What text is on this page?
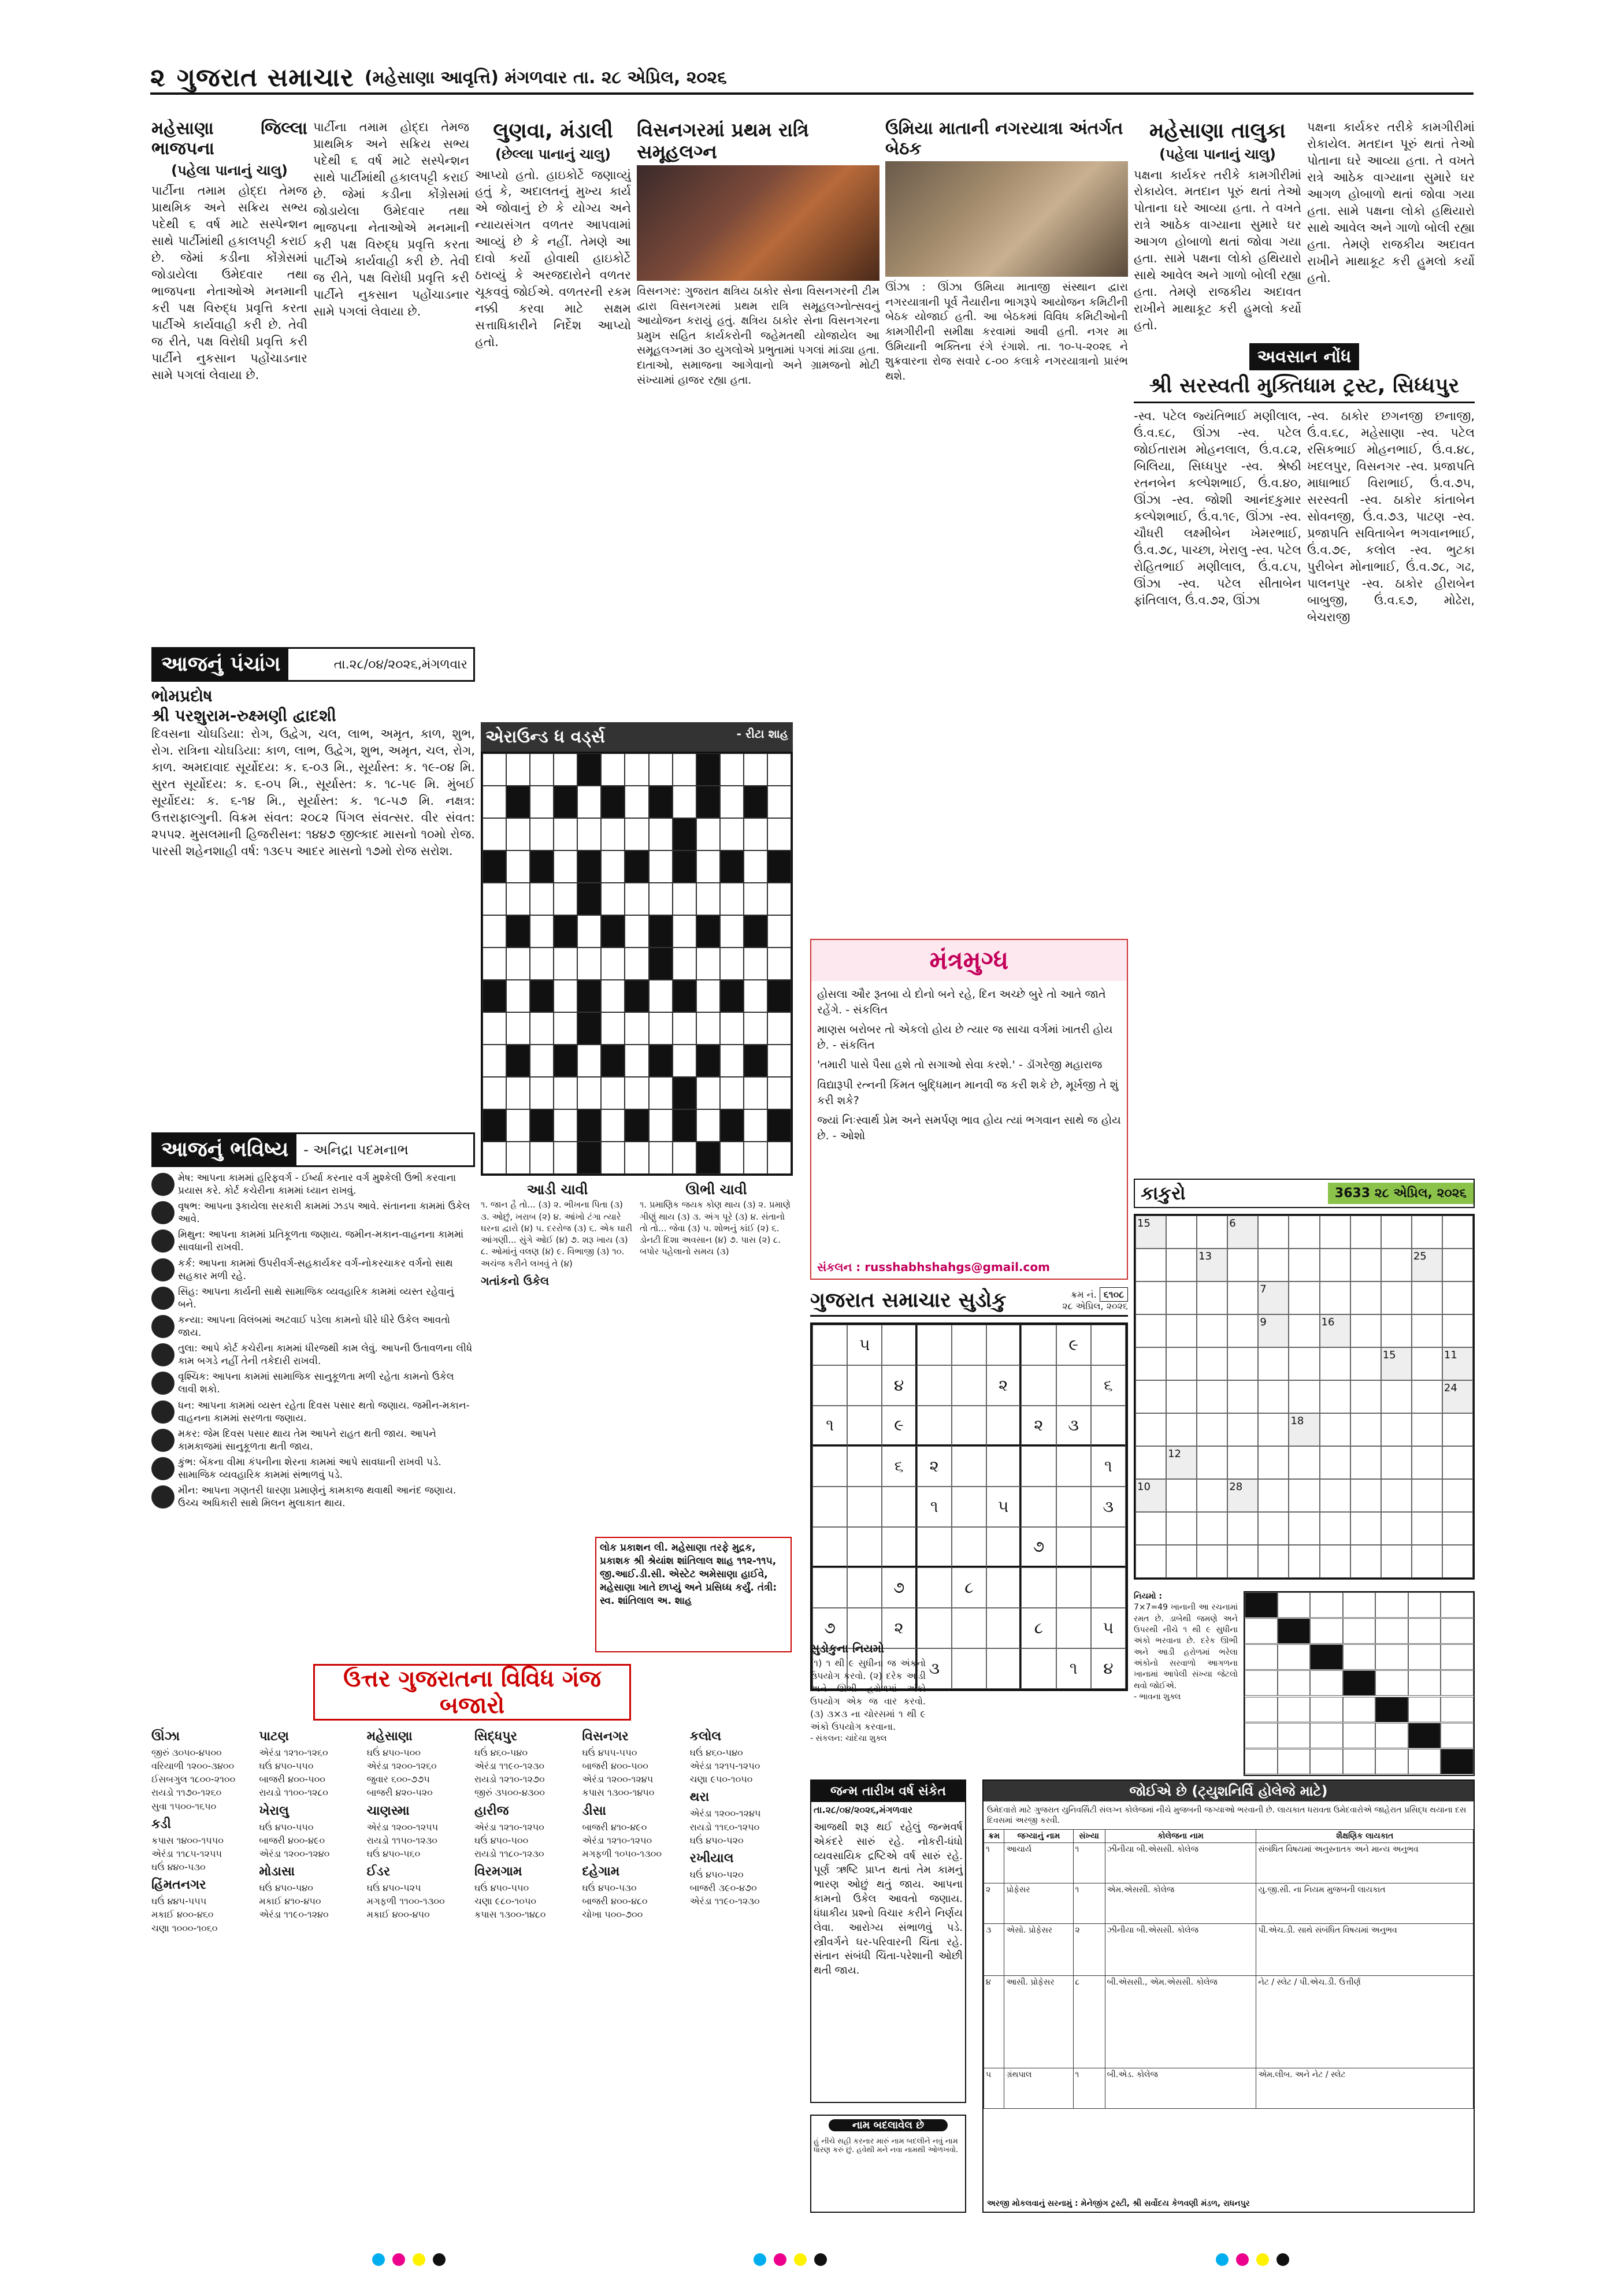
૨ ગુજરાત સમાચાર (મહેસાણા આવૃત્તિ) મંગળવાર તા. ૨૮ એપ્રિલ, ૨૦૨૬
મહેસાણા જિલ્લા ભાજપના
(પહેલા પાનાનું ચાલુ)
પાર્ટીના તમામ હોદ્દા તેમજ પ્રાથમિક અને સક્રિય સભ્ય પદેથી ૬ વર્ષ માટે સસ્પેન્શન સાથે પાર્ટીમાંથી હકાલપટ્ટી કરાઈ છે. જેમાં કડીના કોંગ્રેસમાં જોડાયેલા ઉમેદવાર તથા ભાજપના નેતાઓએ મનમાની કરી પક્ષ વિરુદ્ધ પ્રવૃત્તિ કરતા પાર્ટીએ કાર્યવાહી કરી છે. તેવી જ રીતે, પક્ષ વિરોધી પ્રવૃત્તિ કરી પાર્ટીને નુકસાન પહોંચાડનાર સામે પગલાં લેવાયા છે.
પાર્ટીના તમામ હોદ્દા તેમજ પ્રાથમિક અને સક્રિય સભ્ય પદેથી ૬ વર્ષ માટે સસ્પેન્શન સાથે પાર્ટીમાંથી હકાલપટ્ટી કરાઈ છે. જેમાં કડીના કોંગ્રેસમાં જોડાયેલા ઉમેદવાર તથા ભાજપના નેતાઓએ મનમાની કરી પક્ષ વિરુદ્ધ પ્રવૃત્તિ કરતા પાર્ટીએ કાર્યવાહી કરી છે. તેવી જ રીતે, પક્ષ વિરોધી પ્રવૃત્તિ કરી પાર્ટીને નુકસાન પહોંચાડનાર સામે પગલાં લેવાયા છે.
લુણવા, મંડાલી
(છેલ્લા પાનાનું ચાલુ)
આપ્યો હતો. હાઇકોર્ટે જણાવ્યું હતું કે, અદાલતનું મુખ્ય કાર્ય એ જોવાનું છે કે યોગ્ય અને ન્યાયસંગત વળતર આપવામાં આવ્યું છે કે નહીં. તેમણે આ દાવો કર્યો હોવાથી હાઇકોર્ટે ઠરાવ્યું કે અરજદારોને વળતર ચૂકવવું જોઈએ. વળતરની રકમ નક્કી કરવા માટે સક્ષમ સત્તાધિકારીને નિર્દેશ આપ્યો હતો.
વિસનગરમાં પ્રથમ રાત્રિ સમૂહલગ્ન
વિસનગર: ગુજરાત ક્ષત્રિય ઠાકોર સેના વિસનગરની ટીમ દ્વારા વિસનગરમાં પ્રથમ રાત્રિ સમૂહલગ્નોત્સવનું આયોજન કરાયું હતું. ક્ષત્રિય ઠાકોર સેના વિસનગરના પ્રમુખ સહિત કાર્યકરોની જહેમતથી યોજાયેલ આ સમૂહલગ્નમાં ૩૦ યુગલોએ પ્રભુતામાં પગલાં માંડ્યા હતા. દાતાઓ, સમાજના આગેવાનો અને ગ્રામજનો મોટી સંખ્યામાં હાજર રહ્યા હતા.
ઉમિયા માતાની નગરયાત્રા અંતર્ગત બેઠક
ઊંઝા : ઊંઝા ઉમિયા માતાજી સંસ્થાન દ્વારા નગરયાત્રાની પૂર્વ તૈયારીના ભાગરૂપે આયોજન કમિટીની બેઠક યોજાઈ હતી. આ બેઠકમાં વિવિધ કમિટીઓની કામગીરીની સમીક્ષા કરવામાં આવી હતી. નગર મા ઉમિયાની ભક્તિના રંગે રંગાશે. તા. ૧૦-૫-૨૦૨૬ ને શુક્રવારના રોજ સવારે ૮-૦૦ કલાકે નગરયાત્રાનો પ્રારંભ થશે.
મહેસાણા તાલુકા
(પહેલા પાનાનું ચાલુ)
પક્ષના કાર્યકર તરીકે કામગીરીમાં રોકાયેલ. મતદાન પૂરું થતાં તેઓ પોતાના ઘરે આવ્યા હતા. તે વખતે રાત્રે આઠેક વાગ્યાના સુમારે ઘર આગળ હોબાળો થતાં જોવા ગયા હતા. સામે પક્ષના લોકો હથિયારો સાથે આવેલ અને ગાળો બોલી રહ્યા હતા. તેમણે રાજકીય અદાવત રાખીને માથાકૂટ કરી હુમલો કર્યો હતો.
પક્ષના કાર્યકર તરીકે કામગીરીમાં રોકાયેલ. મતદાન પૂરું થતાં તેઓ પોતાના ઘરે આવ્યા હતા. તે વખતે રાત્રે આઠેક વાગ્યાના સુમારે ઘર આગળ હોબાળો થતાં જોવા ગયા હતા. સામે પક્ષના લોકો હથિયારો સાથે આવેલ અને ગાળો બોલી રહ્યા હતા. તેમણે રાજકીય અદાવત રાખીને માથાકૂટ કરી હુમલો કર્યો હતો.
અવસાન નોંધ
શ્રી સરસ્વતી મુક્તિધામ ટ્રસ્ટ, સિધ્ધપુર
-સ્વ. પટેલ જ્યંતિભાઈ મણીલાલ, ઉં.વ.૬૮, ઊંઝા -સ્વ. પટેલ જોઈતારામ મોહનલાલ, ઉં.વ.૮૨, બિલિયા, સિધ્ધપુર -સ્વ. શ્રેષ્ઠી રતનબેન કલ્પેશભાઈ, ઉં.વ.૪૦, ઊંઝા -સ્વ. જોશી આનંદકુમાર કલ્પેશભાઈ, ઉં.વ.૧૯, ઊંઝા -સ્વ. ચૌધરી લક્ષ્મીબેન ખેમરભાઈ, ઉં.વ.૭૮, પાચ્છા, ખેરાલુ -સ્વ. પટેલ રોહિતભાઈ મણીલાલ, ઉં.વ.૮૫, ઊંઝા -સ્વ. પટેલ સીતાબેન ફાંતિલાલ, ઉં.વ.૭૨, ઊંઝા
-સ્વ. ઠાકોર છગનજી છનાજી, ઉં.વ.૬૮, મહેસાણા -સ્વ. પટેલ રસિકભાઈ મોહનભાઈ, ઉં.વ.૪૮, ખદલપુર, વિસનગર -સ્વ. પ્રજાપતિ માધાભાઈ વિરાભાઈ, ઉં.વ.૭૫, સરસ્વતી -સ્વ. ઠાકોર કાંતાબેન સોવનજી, ઉં.વ.૭૩, પાટણ -સ્વ. પ્રજાપતિ સવિતાબેન ભગવાનભાઈ, ઉં.વ.૭૯, કલોલ -સ્વ. ભુટકા પુરીબેન મોનાભાઈ, ઉં.વ.૭૮, ગઢ, પાલનપુર -સ્વ. ઠાકોર હીરાબેન બાબુજી, ઉં.વ.૬૭, મોઢેરા, બેચરાજી
આજનું પંચાંગ	તા.૨૮/૦૪/૨૦૨૬,મંગળવાર
ભોમપ્રદોષ
શ્રી પરશુરામ-રુક્ષ્મણી દ્વાદશી
દિવસના ચોઘડિયા: રોગ, ઉદ્વેગ, ચલ, લાભ, અમૃત, કાળ, શુભ, રોગ. રાત્રિના ચોઘડિયા: કાળ, લાભ, ઉદ્વેગ, શુભ, અમૃત, ચલ, રોગ, કાળ. અમદાવાદ સૂર્યોદય: ક. ૬-૦૩ મિ., સૂર્યાસ્ત: ક. ૧૯-૦૪ મિ. સુરત સૂર્યોદય: ક. ૬-૦૫ મિ., સૂર્યાસ્ત: ક. ૧૮-૫૯ મિ. મુંબઈ સૂર્યોદય: ક. ૬-૧૪ મિ., સૂર્યાસ્ત: ક. ૧૮-૫૭ મિ. નક્ષત્ર: ઉત્તરાફાલ્ગુની. વિક્રમ સંવત: ૨૦૮૨ પિંગલ સંવત્સર. વીર સંવત: ૨૫૫૨. મુસલમાની હિજરીસન: ૧૪૪૭ જીલ્કાદ માસનો ૧૦મો રોજ. પારસી શહેનશાહી વર્ષ: ૧૩૯૫ આદર માસનો ૧૭મો રોજ સરોશ.
આજનું ભવિષ્ય	- અનિદ્રા પદમનાભ
મેષ: આપના કામમાં હરિફવર્ગ - ઈર્ષ્યા કરનાર વર્ગ મુશ્કેલી ઉભી કરવાના પ્રયાસ કરે. કોર્ટ કચેરીના કામમાં ધ્યાન રાખવું.
વૃષભ: આપના રૂકાયેલા સરકારી કામમાં ઝડપ આવે. સંતાનના કામમાં ઉકેલ આવે.
મિથુન: આપના કામમાં પ્રતિકૂળતા જણાય. જમીન-મકાન-વાહનના કામમાં સાવધાની રાખવી.
કર્ક: આપના કામમાં ઉપરીવર્ગ-સહકાર્યકર વર્ગ-નોકરચાકર વર્ગનો સાથ સહકાર મળી રહે.
સિંહ: આપના કાર્યની સાથે સામાજિક વ્યવહારિક કામમાં વ્યસ્ત રહેવાનું બને.
કન્યા: આપના વિલંબમાં અટવાઈ પડેલા કામનો ધીરે ધીરે ઉકેલ આવતો જાય.
તુલા: આપે કોર્ટ કચેરીના કામમાં ધીરજથી કામ લેવું. આપની ઉતાવળના લીધે કામ બગડે નહીં તેની તકેદારી રાખવી.
વૃશ્ચિક: આપના કામમાં સામાજિક સાનુકૂળતા મળી રહેતા કામનો ઉકેલ લાવી શકો.
ધન: આપના કામમાં વ્યસ્ત રહેતા દિવસ પસાર થતો જણાય. જમીન-મકાન-વાહનના કામમાં સરળતા જણાય.
મકર: જેમ દિવસ પસાર થાય તેમ આપને રાહત થતી જાય. આપને કામકાજમાં સાનુકૂળતા થતી જાય.
કુંભ: બેંકના વીમા કંપનીના શેરના કામમાં આપે સાવધાની રાખવી પડે. સામાજિક વ્યવહારિક કામમાં સંભાળવું પડે.
મીન: આપના ગણતરી ધારણા પ્રમાણેનું કામકાજ થવાથી આનંદ જણાય. ઉચ્ચ અધિકારી સાથે મિલન મુલાકાત થાય.
મંત્રમુગ્ધ
હોસલા ઔર રૂતબા યે દોનો બને રહે, દિન અચ્છે બુરે તો આતે જાતે રહેંગે. - સંકલિત
માણસ બરોબર તો એકલો હોય છે ત્યાર જ સાચા વર્ગમાં ખાતરી હોય છે. - સંકલિત
'તમારી પાસે પૈસા હશે તો સગાઓ સેવા કરશે.' - ડૉંગરેજી મહારાજ
વિદ્યારૂપી રત્નની કિંમત બુદ્ધિમાન માનવી જ કરી શકે છે, મૂર્ખજી તે શું કરી શકે?
જ્યાં નિઃસ્વાર્થ પ્રેમ અને સમર્પણ ભાવ હોય ત્યાં ભગવાન સાથે જ હોય છે. - ઓશો
સંકલન : russhabhshahgs@gmail.com
એરાઉન્ડ ધ વર્ડ્સ	- રીટા શાહ
આડી ચાવી
૧. જાન હૈ તો... (૩) ૨. ભીખના પિતા (૩) ૩. ઓછું, ખરાબ (૨) ૪. આંખો ટંગા ત્યારે ઘરના દ્વારો (૪) ૫. દરરોજ (૩) ૬. એક ઘારી આંગણી... સુંગે ઓઈ (૪) ૭. શરૂ ખાય (૩) ૮. ઓમાંનું વલણ (૪) ૯. વિભાજી (૩) ૧૦. અચંજ કરીને લખવું તે (૪)
ઊભી ચાવી
૧. પ્રમાણિક જયક કોણ થાય (૩) ૨. પ્રમાણે ગીણું થાય (૩) ૩. અંગ પૂરે (૩) ૪. સંતાનો તો તો... જેવા (૩) ૫. શોભનું કાંઈ (૨) ૬. ડોનટી દિશા અવસાન (૪) ૭. પાસ (૨) ૮. બપોર પહેલાનો સમય (૩)
ગતાંકનો ઉકેલ
ગુજરાત સમાચાર સુડોકુ	ક્રમ નં. ૬૧૦૮
૨૮ એપ્રિલ, ૨૦૨૬
૫	૯
૪	૨	૬
૧	૯	૨	૩
૬	૨	૧
૧	૫	૩
૭
૭	૮
૭	૨	૮	૫
૩	૧	૪
સુડોકુના નિયમો
(૧) ૧ થી ૯ સુધીના જ અંકનો ઉપયોગ કરવો. (૨) દરેક આડી અને ઊભી હરોળમાં અંકો ઉપયોગ એક જ વાર કરવો. (૩) ૩×૩ ના ચોરસમાં ૧ થી ૯ અંકો ઉપયોગ કરવાના.
- સંકલન: ચાંદેચા શુક્લ
કાકુરો	3633 ૨૮ એપ્રિલ, ૨૦૨૬
15	6
13	25
7
9	16
15	11
24
18
12
10	28
નિયમો :
7×7=49 ખાનાની આ રચનામાં રમત છે. ડાબેથી જમણે અને ઉપરથી નીચે ૧ થી ૯ સુધીના અંકો ભરવાના છે. દરેક ઊભી અને આડી હરોળમાં ભરેલા અંકોનો સરવાળો આગળના ખાનામાં આપેલી સંખ્યા જેટલો થવો જોઈએ.
- ભાવના શુક્લ
જન્મ તારીખ વર્ષ સંકેત
તા.૨૮/૦૪/૨૦૨૬,મંગળવાર
આજથી શરૂ થઈ રહેલું જન્મવર્ષ એકંદરે સારું રહે. નોકરી-ધંધો વ્યવસાયિક દ્રષ્ટિએ વર્ષ સારું રહે. પૂર્ણ ઋષ્ટિ પ્રાપ્ત થતાં તેમ કામનું ભારણ ઓછું થતું જાય. આપના કામનો ઉકેલ આવતો જણાય. ધંધાકીય પ્રશ્નો વિચાર કરીને નિર્ણય લેવા. આરોગ્ય સંભાળવું પડે. સ્ત્રીવર્ગને ઘર-પરિવારની ચિંતા રહે. સંતાન સંબંધી ચિંતા-પરેશાની ઓછી થતી જાય.
નામ બદલાવેલ છે
હું નીચે સહી કરનાર મારું નામ બદલીને નવું નામ ધારણ કરું છું. હવેથી મને નવા નામથી ઓળખવો.
જોઈએ છે (ટ્યુશનિર્વિ હોલેજે માટે)
ઉમેદવારો માટે ગુજરાત યુનિવર્સિટી સંલગ્ન કોલેજમાં નીચે મુજબની જગ્યાઓ ભરવાની છે. લાયકાત ધરાવતા ઉમેદવારોએ જાહેરાત પ્રસિદ્ધ થયાના દસ દિવસમાં અરજી કરવી.
ક્રમ	જગ્યાનું નામ	સંખ્યા	કોલેજના નામ	શૈક્ષણિક લાયકાત
૧	આચાર્ય	૧	ઝીનીયા બી.એસસી. કોલેજ	સંબંધિત વિષયમાં અનુસ્નાતક અને માન્ય અનુભવ
૨	પ્રોફેસર	૧	એમ.એસસી. કોલેજ	યુ.જી.સી. ના નિયમ મુજબની લાયકાત
૩	એસો. પ્રોફેસર	૨	ઝીનીયા બી.એસસી. કોલેજ	પી.એચ.ડી. સાથે સંબંધિત વિષયમાં અનુભવ
૪	આસી. પ્રોફેસર	૮	બી.એસસી., એમ.એસસી. કોલેજ	નેટ / સ્લેટ / પી.એચ.ડી. ઉત્તીર્ણ
૫	ગ્રંથપાલ	૧	બી.એડ. કોલેજ	એમ.લીબ. અને નેટ / સ્લેટ
અરજી મોકલવાનું સરનામું : મેનેજીંગ ટ્રસ્ટી, શ્રી સર્વોદય કેળવણી મંડળ, રાધનપુર
ઉત્તર ગુજરાતના વિવિધ ગંજ બજારો
ઊંઝા
જીરું ૩૦૫૦-૪૫૦૦
વરિયાળી ૧૨૦૦-૩૪૦૦
ઈસબગુલ ૧૮૦૦-૨૧૦૦
રાયડો ૧૧૭૦-૧૨૬૦
સુવા ૧૫૦૦-૧૬૫૦
કડી
કપાસ ૧૪૦૦-૧૫૫૦
એરંડા ૧૧૮૫-૧૨૫૫
ઘઉં ૪૪૦-૫૩૦
હિંમતનગર
ઘઉં ૪૪૫-૫૫૫
મકાઈ ૪૦૦-૪૬૦
ચણા ૧૦૦૦-૧૦૬૦
પાટણ
એરંડા ૧૨૧૦-૧૨૬૦
ઘઉં ૪૫૦-૫૫૦
બાજરી ૪૦૦-૫૦૦
રાયડો ૧૧૦૦-૧૨૮૦
ખેરાલુ
ઘઉં ૪૫૦-૫૫૦
બાજરી ૪૦૦-૪૯૦
એરંડા ૧૨૦૦-૧૨૪૦
મોડાસા
ઘઉં ૪૫૦-૫૪૦
મકાઈ ૪૧૦-૪૫૦
એરંડા ૧૧૯૦-૧૨૪૦
મહેસાણા
ઘઉં ૪૫૦-૫૦૦
એરંડા ૧૨૦૦-૧૨૬૦
જુવાર ૬૦૦-૭૭૫
બાજરી ૪૨૦-૫૨૦
ચાણસ્મા
એરંડા ૧૨૦૦-૧૨૫૫
રાયડો ૧૧૫૦-૧૨૩૦
ઘઉં ૪૫૦-૫૬૦
ઈડર
ઘઉં ૪૫૦-૫૨૫
મગફળી ૧૧૦૦-૧૩૦૦
મકાઈ ૪૦૦-૪૫૦
સિદ્ધપુર
ઘઉં ૪૬૦-૫૪૦
એરંડા ૧૧૯૦-૧૨૩૦
રાયડો ૧૨૧૦-૧૨૭૦
જીરું ૩૫૦૦-૪૩૦૦
હારીજ
એરંડા ૧૨૧૦-૧૨૫૦
ઘઉં ૪૫૦-૫૦૦
રાયડો ૧૧૮૦-૧૨૩૦
વિરમગામ
ઘઉં ૪૫૦-૫૫૦
ચણા ૯૮૦-૧૦૫૦
કપાસ ૧૩૦૦-૧૪૮૦
વિસનગર
ઘઉં ૪૫૫-૫૫૦
બાજરી ૪૦૦-૫૦૦
એરંડા ૧૨૦૦-૧૨૪૫
કપાસ ૧૩૦૦-૧૪૫૦
ડીસા
બાજરી ૪૧૦-૪૯૦
એરંડા ૧૨૧૦-૧૨૫૦
મગફળી ૧૦૫૦-૧૩૦૦
દહેગામ
ઘઉં ૪૫૦-૫૩૦
બાજરી ૪૦૦-૪૮૦
ચોખા ૫૦૦-૭૦૦
કલોલ
ઘઉં ૪૬૦-૫૪૦
એરંડા ૧૨૧૫-૧૨૫૦
ચણા ૯૫૦-૧૦૫૦
થરા
એરંડા ૧૨૦૦-૧૨૪૫
રાયડો ૧૧૬૦-૧૨૫૦
ઘઉં ૪૫૦-૫૨૦
રખીયાલ
ઘઉં ૪૫૦-૫૨૦
બાજરી ૩૯૦-૪૭૦
એરંડા ૧૧૯૦-૧૨૩૦
લોક પ્રકાશન લી. મહેસાણા તરફે મુદ્રક, પ્રકાશક શ્રી શ્રેયાંશ શાંતિલાલ શાહ ૧૧૨-૧૧૫, જી.આઈ.ડી.સી. એસ્ટેટ અમેસાણા હાઈવે, મહેસાણા ખાતે છાપ્યું અને પ્રસિધ્ધ કર્યું. તંત્રી: સ્વ. શાંતિલાલ અ. શાહ
